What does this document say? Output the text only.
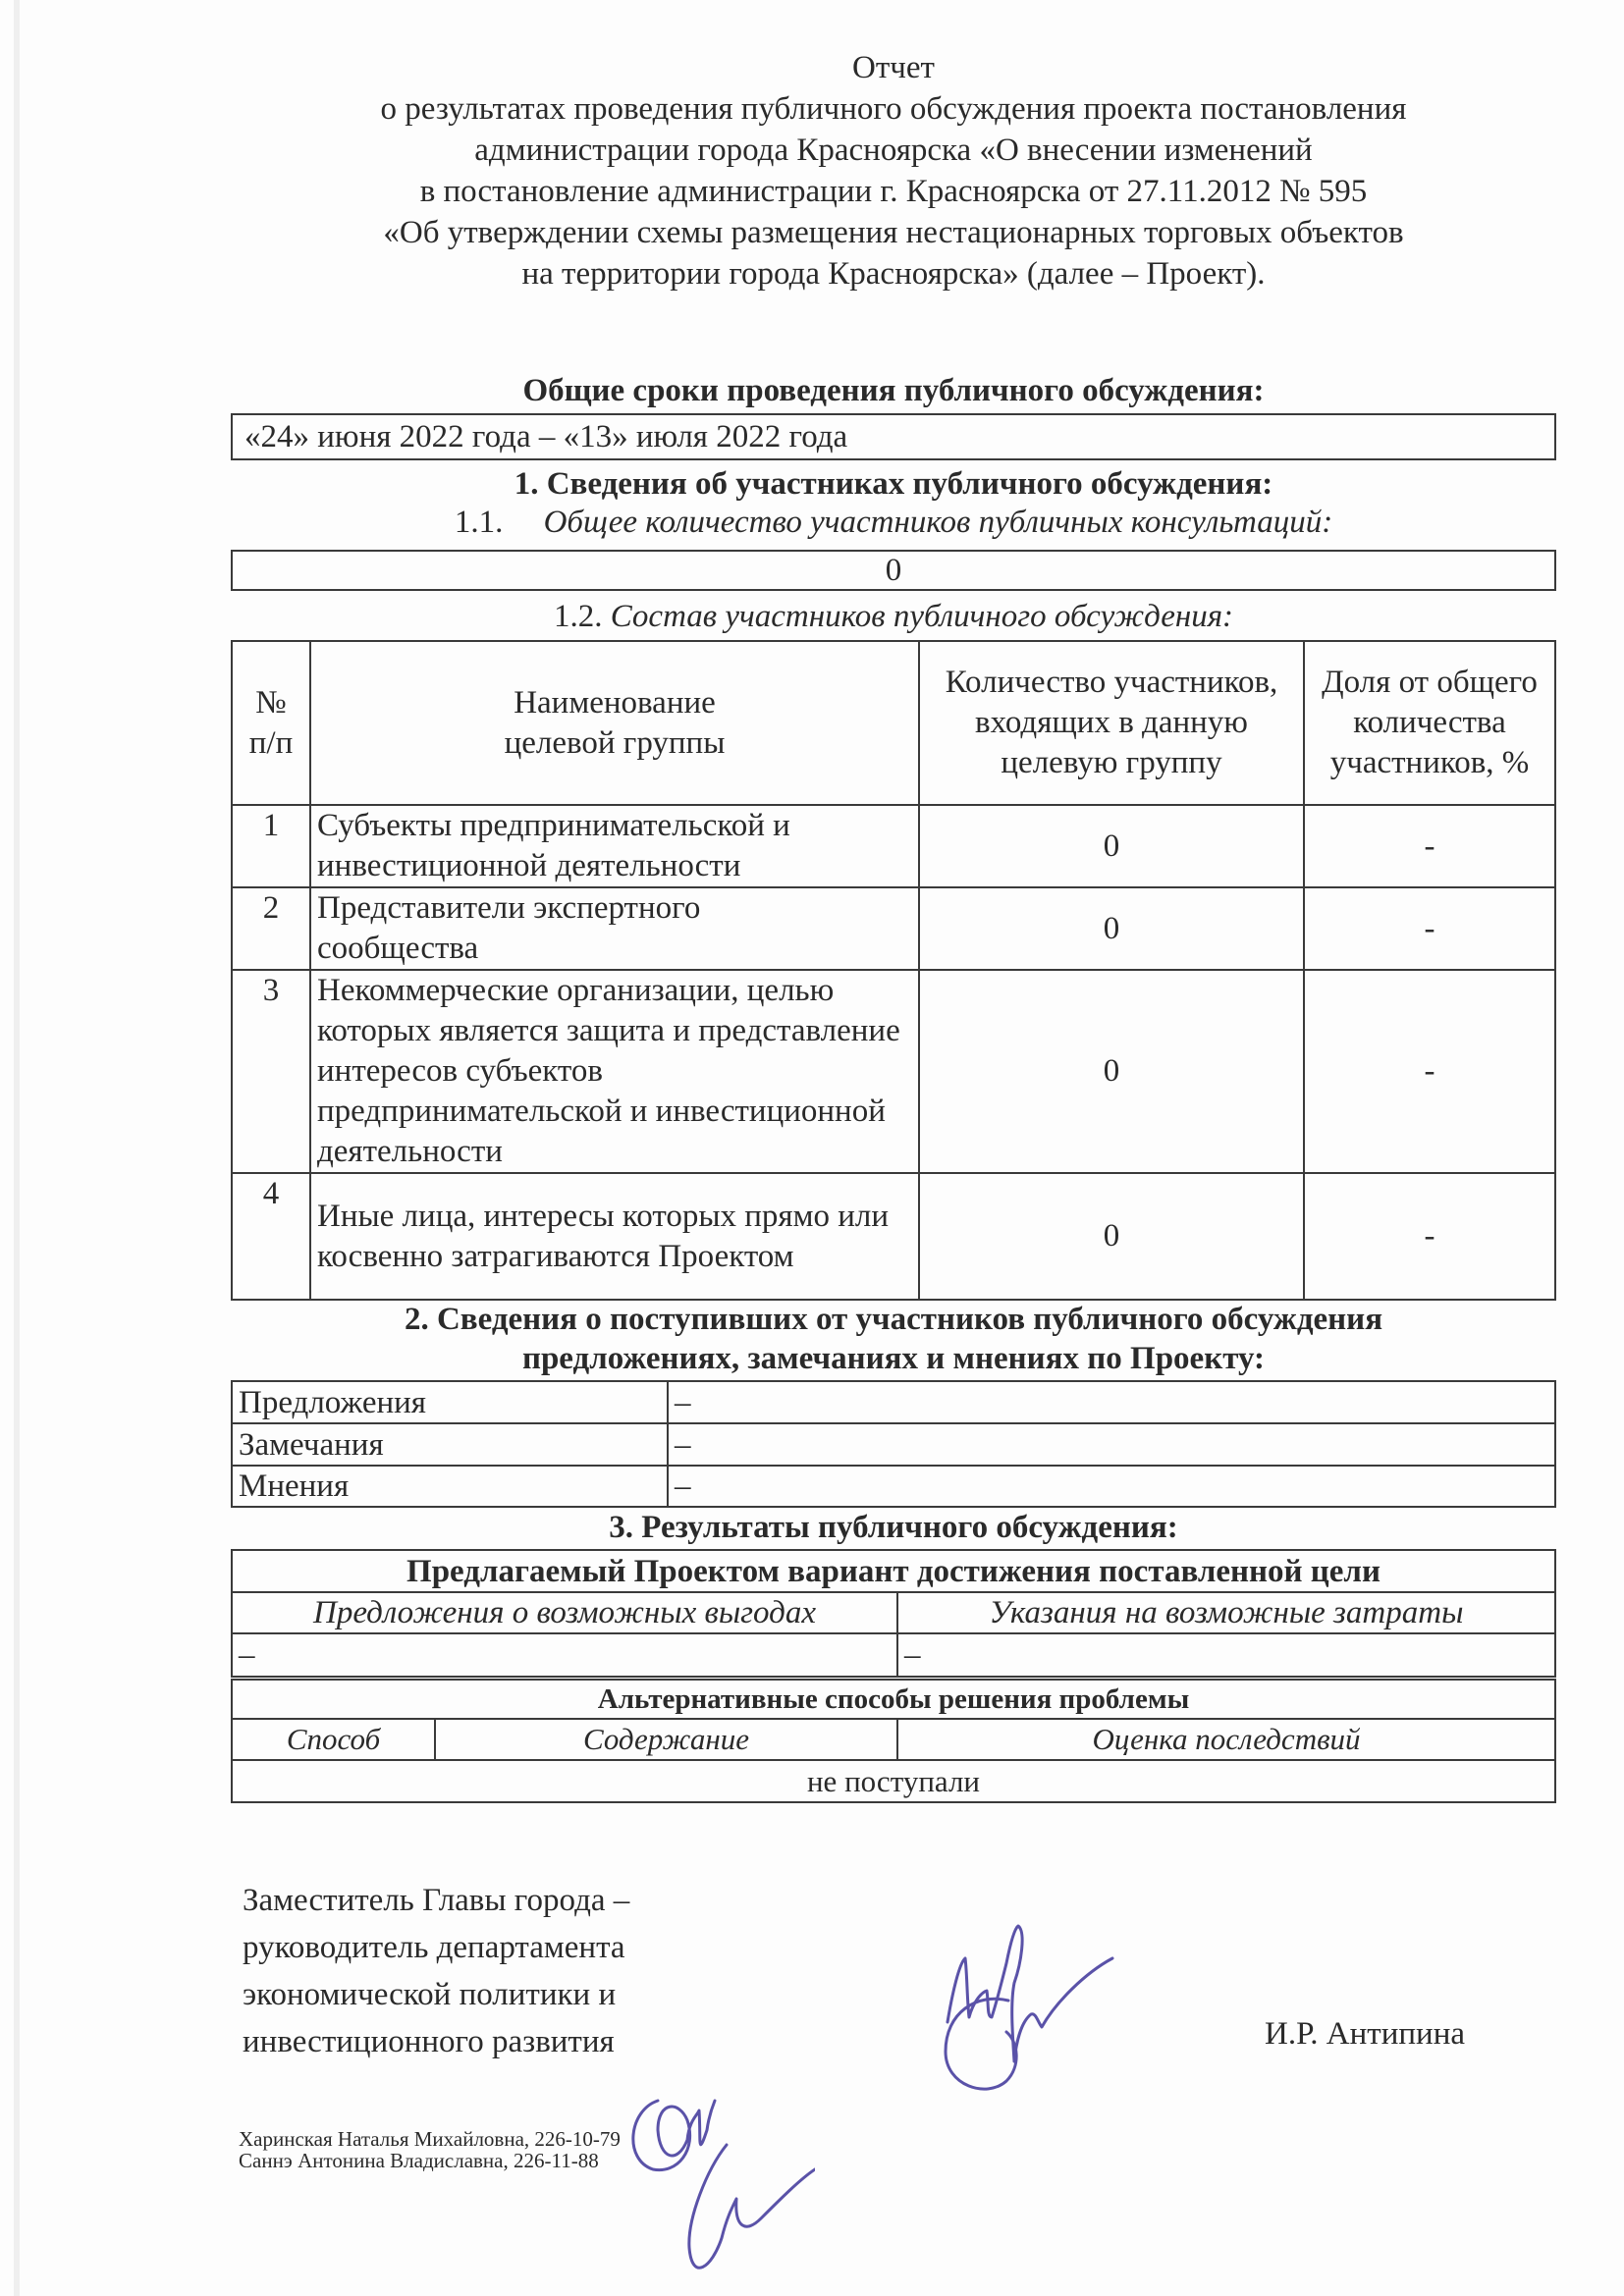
Отчет
о результатах проведения публичного обсуждения проекта постановления
администрации города Красноярска «О внесении изменений
в постановление администрации г. Красноярска от 27.11.2012 № 595
«Об утверждении схемы размещения нестационарных торговых объектов
на территории города Красноярска» (далее – Проект).
Общие сроки проведения публичного обсуждения:
«24» июня 2022 года – «13» июля 2022 года
1. Сведения об участниках публичного обсуждения:
1.1. Общее количество участников публичных консультаций:
0
1.2. Состав участников публичного обсуждения:
№ п/п	Наименование целевой группы	Количество участников, входящих в данную целевую группу	Доля от общего количества участников, %
1	Субъекты предпринимательской и инвестиционной деятельности	0	-
2	Представители экспертного сообщества	0	-
3	Некоммерческие организации, целью которых является защита и представление интересов субъектов предпринимательской и инвестиционной деятельности	0	-
4	Иные лица, интересы которых прямо или косвенно затрагиваются Проектом	0	-
2. Сведения о поступивших от участников публичного обсуждения
предложениях, замечаниях и мнениях по Проекту:
Предложения	–
Замечания	–
Мнения	–
3. Результаты публичного обсуждения:
Предлагаемый Проектом вариант достижения поставленной цели	
Предложения о возможных выгодах	Указания на возможные затраты
–	–
Альтернативные способы решения проблемы
Способ	Содержание	Оценка последствий
не поступали
Заместитель Главы города –
руководитель департамента
экономической политики и
инвестиционного развития	И.Р. Антипина
Харинская Наталья Михайловна, 226-10-79
Саннэ Антонина Владиславна, 226-11-88
